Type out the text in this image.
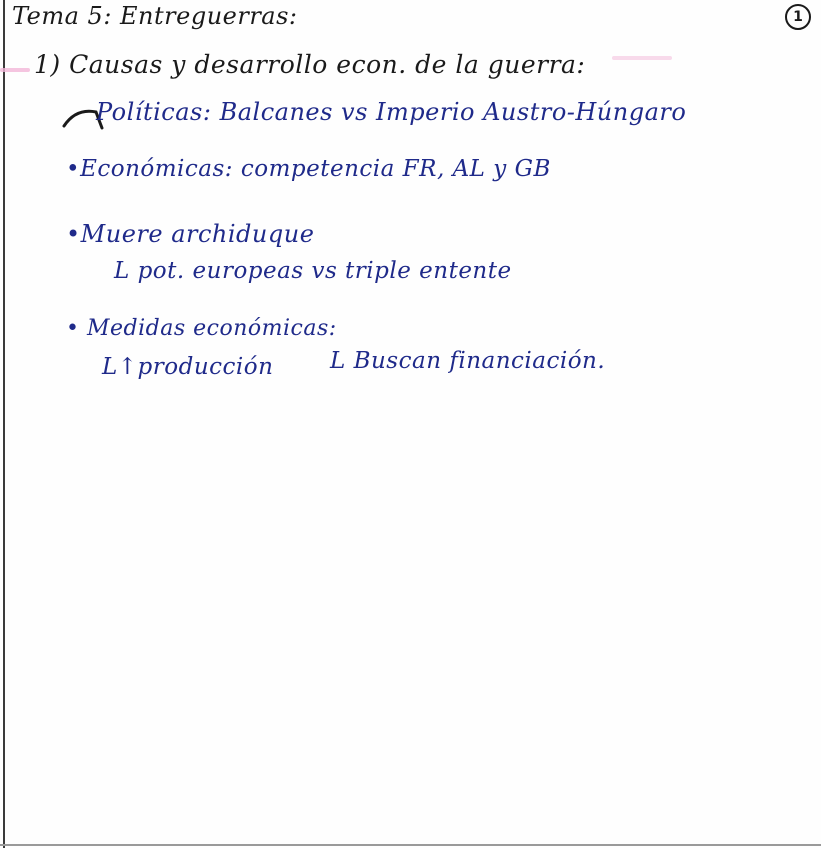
1
Tema 5: Entreguerras:
1) Causas y desarrollo econ. de la guerra:
Políticas: Balcanes vs Imperio Austro-Húngaro
•Económicas: competencia FR, AL y GB
•Muere archiduque
L pot. europeas vs triple entente
• Medidas económicas:
L↑producción L Buscan financiación.
